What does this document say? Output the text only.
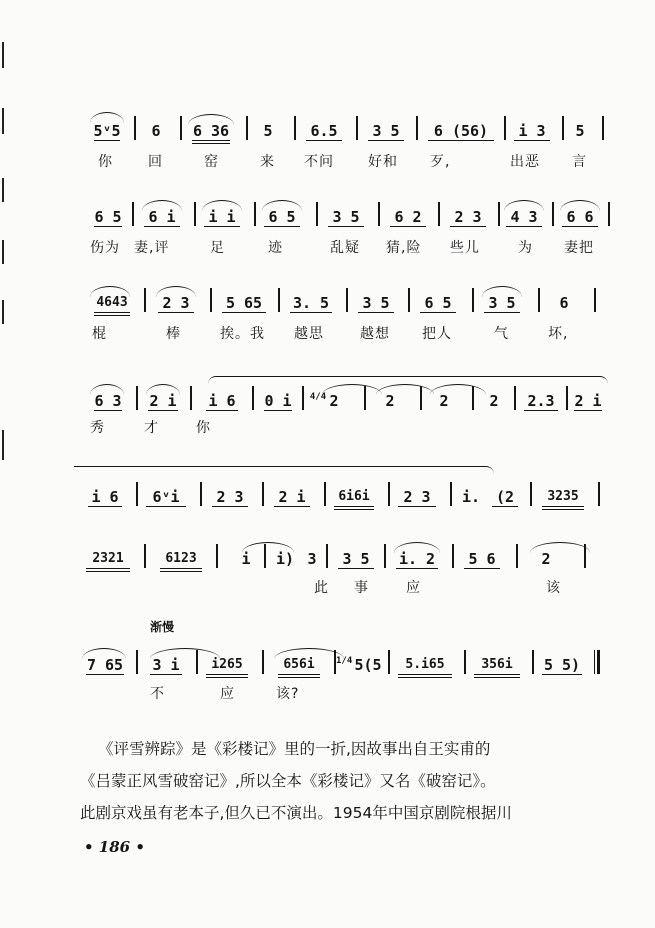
5ᵛ5	6	6 36	5	6.5	3 5	6 (56)	i 3	5
你	回	窑	来 不问 好和 歹,	出恶 言
6 5	6 i	i i	6 5	3 5	6 2	2 3	4 3	6 6
伤为 妻,评	足	迹	乱疑 猜,险 些儿	为 妻把
4643	2 3	5 65	3. 5	3 5	6 5	3 5	6
棍	棒	挨。我 越思	越想 把人	气	坏,
6 3	2 i	i 6	0 i	4/4 2	2	2	2	2.3	2 i
秀	才	你
i 6	6ᵛi	2 3	2 i	6i6i	2 3	i.	(2	3235
2321	6123	i	i) 3	3 5	i. 2	5 6	2
此 事	应	该
渐慢
7 65	3 i	i265	656i	1/4 5(5	5.i65	356i	5 5)
不	应	该?
《评雪辨踪》是《彩楼记》里的一折,因故事出自王实甫的
《吕蒙正风雪破窑记》,所以全本《彩楼记》又名《破窑记》。
此剧京戏虽有老本子,但久已不演出。1954年中国京剧院根据川
• 186 •
